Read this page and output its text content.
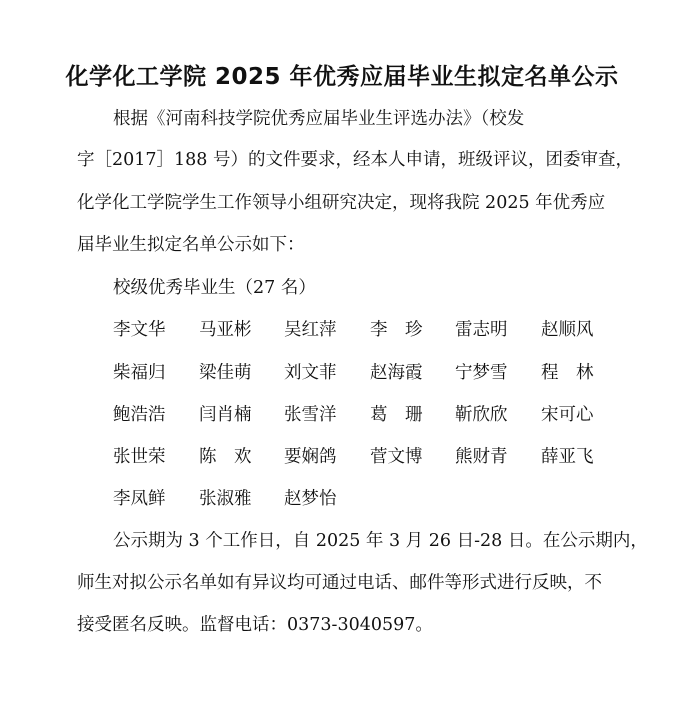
化学化工学院 2025 年优秀应届毕业生拟定名单公示
根据《河南科技学院优秀应届毕业生评选办法》（校发
字［2017］188 号）的文件要求，经本人申请，班级评议，团委审查，
化学化工学院学生工作领导小组研究决定，现将我院 2025 年优秀应
届毕业生拟定名单公示如下：
校级优秀毕业生（27 名）
李文华 马亚彬 吴红萍 李　珍 雷志明 赵顺风
柴福归 梁佳萌 刘文菲 赵海霞 宁梦雪 程　林
鲍浩浩 闫肖楠 张雪洋 葛　珊 靳欣欣 宋可心
张世荣 陈　欢 要娴鸽 菅文博 熊财青 薛亚飞
李凤鲜 张淑雅 赵梦怡
公示期为 3 个工作日，自 2025 年 3 月 26 日-28 日。在公示期内，
师生对拟公示名单如有异议均可通过电话、邮件等形式进行反映，不
接受匿名反映。监督电话：0373-3040597。
